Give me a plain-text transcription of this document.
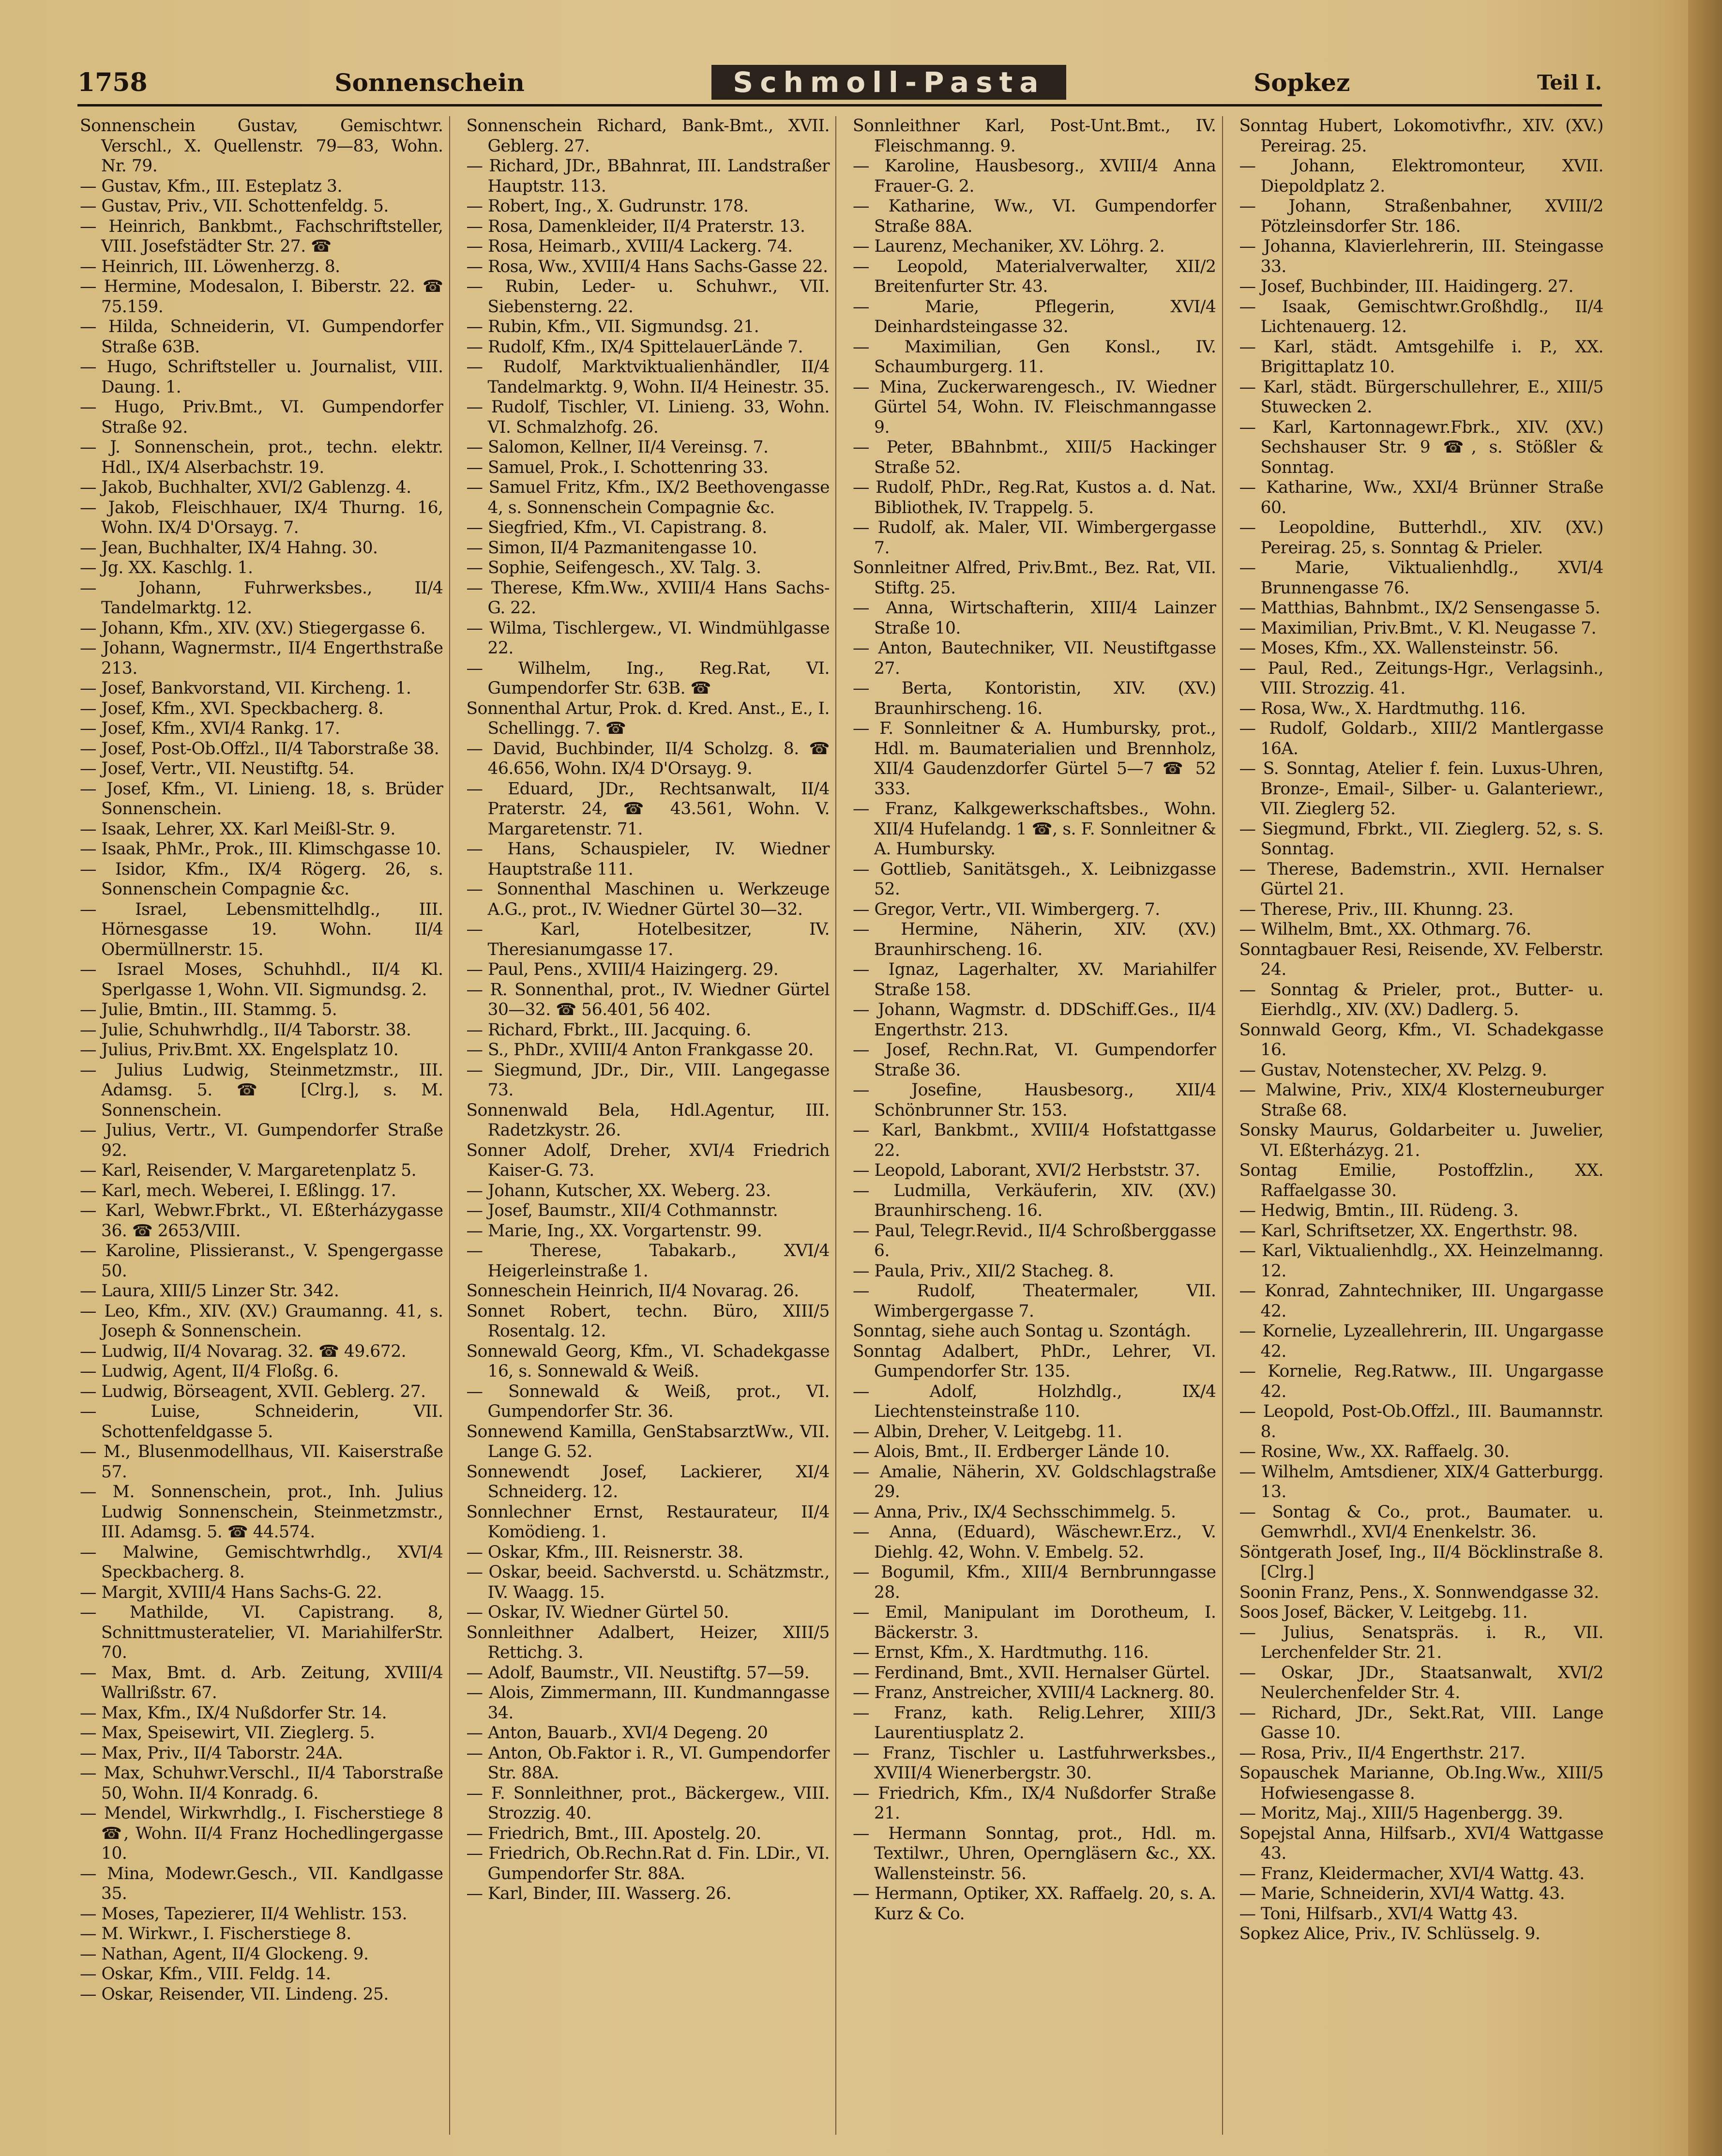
1758	Sonnenschein	Schmoll-Pasta	Sopkez	Teil I.

Sonnenschein Gustav, Gemischtwr. Verschl., X. Quellenstr. 79—83, Wohn. Nr. 79.

— Gustav, Kfm., III. Esteplatz 3.

— Gustav, Priv., VII. Schottenfeldg. 5.

— Heinrich, Bankbmt., Fachschriftsteller, VIII. Josefstädter Str. 27. ☎

— Heinrich, III. Löwenherzg. 8.

— Hermine, Modesalon, I. Biberstr. 22. ☎ 75.159.

— Hilda, Schneiderin, VI. Gumpendorfer Straße 63B.

— Hugo, Schriftsteller u. Journalist, VIII. Daung. 1.

— Hugo, Priv.Bmt., VI. Gumpendorfer Straße 92.

— J. Sonnenschein, prot., techn. elektr. Hdl., IX/4 Alserbachstr. 19.

— Jakob, Buchhalter, XVI/2 Gablenzg. 4.

— Jakob, Fleischhauer, IX/4 Thurng. 16, Wohn. IX/4 D'Orsayg. 7.

— Jean, Buchhalter, IX/4 Hahng. 30.

— Jg. XX. Kaschlg. 1.

— Johann, Fuhrwerksbes., II/4 Tandelmarktg. 12.

— Johann, Kfm., XIV. (XV.) Stiegergasse 6.

— Johann, Wagnermstr., II/4 Engerthstraße 213.

— Josef, Bankvorstand, VII. Kircheng. 1.

— Josef, Kfm., XVI. Speckbacherg. 8.

— Josef, Kfm., XVI/4 Rankg. 17.

— Josef, Post-Ob.Offzl., II/4 Taborstraße 38.

— Josef, Vertr., VII. Neustiftg. 54.

— Josef, Kfm., VI. Linieng. 18, s. Brüder Sonnenschein.

— Isaak, Lehrer, XX. Karl Meißl-Str. 9.

— Isaak, PhMr., Prok., III. Klimschgasse 10.

— Isidor, Kfm., IX/4 Rögerg. 26, s. Sonnenschein Compagnie &c.

— Israel, Lebensmittelhdlg., III. Hörnesgasse 19. Wohn. II/4 Obermüllnerstr. 15.

— Israel Moses, Schuhhdl., II/4 Kl. Sperlgasse 1, Wohn. VII. Sigmundsg. 2.

— Julie, Bmtin., III. Stammg. 5.

— Julie, Schuhwrhdlg., II/4 Taborstr. 38.

— Julius, Priv.Bmt. XX. Engelsplatz 10.

— Julius Ludwig, Steinmetzmstr., III. Adamsg. 5. ☎ [Clrg.], s. M. Sonnenschein.

— Julius, Vertr., VI. Gumpendorfer Straße 92.

— Karl, Reisender, V. Margaretenplatz 5.

— Karl, mech. Weberei, I. Eßlingg. 17.

— Karl, Webwr.Fbrkt., VI. Eßterházygasse 36. ☎ 2653/VIII.

— Karoline, Plissieranst., V. Spengergasse 50.

— Laura, XIII/5 Linzer Str. 342.

— Leo, Kfm., XIV. (XV.) Graumanng. 41, s. Joseph & Sonnenschein.

— Ludwig, II/4 Novarag. 32. ☎ 49.672.

— Ludwig, Agent, II/4 Floßg. 6.

— Ludwig, Börseagent, XVII. Geblerg. 27.

— Luise, Schneiderin, VII. Schottenfeldgasse 5.

— M., Blusenmodellhaus, VII. Kaiserstraße 57.

— M. Sonnenschein, prot., Inh. Julius Ludwig Sonnenschein, Steinmetzmstr., III. Adamsg. 5. ☎ 44.574.

— Malwine, Gemischtwrhdlg., XVI/4 Speckbacherg. 8.

— Margit, XVIII/4 Hans Sachs-G. 22.

— Mathilde, VI. Capistrang. 8, Schnittmusteratelier, VI. MariahilferStr. 70.

— Max, Bmt. d. Arb. Zeitung, XVIII/4 Wallrißstr. 67.

— Max, Kfm., IX/4 Nußdorfer Str. 14.

— Max, Speisewirt, VII. Zieglerg. 5.

— Max, Priv., II/4 Taborstr. 24A.

— Max, Schuhwr.Verschl., II/4 Taborstraße 50, Wohn. II/4 Konradg. 6.

— Mendel, Wirkwrhdlg., I. Fischerstiege 8 ☎, Wohn. II/4 Franz Hochedlingergasse 10.

— Mina, Modewr.Gesch., VII. Kandlgasse 35.

— Moses, Tapezierer, II/4 Wehlistr. 153.

— M. Wirkwr., I. Fischerstiege 8.

— Nathan, Agent, II/4 Glockeng. 9.

— Oskar, Kfm., VIII. Feldg. 14.

— Oskar, Reisender, VII. Lindeng. 25.

Sonnenschein Richard, Bank-Bmt., XVII. Geblerg. 27.

— Richard, JDr., BBahnrat, III. Landstraßer Hauptstr. 113.

— Robert, Ing., X. Gudrunstr. 178.

— Rosa, Damenkleider, II/4 Praterstr. 13.

— Rosa, Heimarb., XVIII/4 Lackerg. 74.

— Rosa, Ww., XVIII/4 Hans Sachs-Gasse 22.

— Rubin, Leder- u. Schuhwr., VII. Siebensterng. 22.

— Rubin, Kfm., VII. Sigmundsg. 21.

— Rudolf, Kfm., IX/4 SpittelauerLände 7.

— Rudolf, Marktviktualienhändler, II/4 Tandelmarktg. 9, Wohn. II/4 Heinestr. 35.

— Rudolf, Tischler, VI. Linieng. 33, Wohn. VI. Schmalzhofg. 26.

— Salomon, Kellner, II/4 Vereinsg. 7.

— Samuel, Prok., I. Schottenring 33.

— Samuel Fritz, Kfm., IX/2 Beethovengasse 4, s. Sonnenschein Compagnie &c.

— Siegfried, Kfm., VI. Capistrang. 8.

— Simon, II/4 Pazmanitengasse 10.

— Sophie, Seifengesch., XV. Talg. 3.

— Therese, Kfm.Ww., XVIII/4 Hans Sachs-G. 22.

— Wilma, Tischlergew., VI. Windmühlgasse 22.

— Wilhelm, Ing., Reg.Rat, VI. Gumpendorfer Str. 63B. ☎

Sonnenthal Artur, Prok. d. Kred. Anst., E., I. Schellingg. 7. ☎

— David, Buchbinder, II/4 Scholzg. 8. ☎ 46.656, Wohn. IX/4 D'Orsayg. 9.

— Eduard, JDr., Rechtsanwalt, II/4 Praterstr. 24, ☎ 43.561, Wohn. V. Margaretenstr. 71.

— Hans, Schauspieler, IV. Wiedner Hauptstraße 111.

— Sonnenthal Maschinen u. Werkzeuge A.G., prot., IV. Wiedner Gürtel 30—32.

— Karl, Hotelbesitzer, IV. Theresianumgasse 17.

— Paul, Pens., XVIII/4 Haizingerg. 29.

— R. Sonnenthal, prot., IV. Wiedner Gürtel 30—32. ☎ 56.401, 56 402.

— Richard, Fbrkt., III. Jacquing. 6.

— S., PhDr., XVIII/4 Anton Frankgasse 20.

— Siegmund, JDr., Dir., VIII. Langegasse 73.

Sonnenwald Bela, Hdl.Agentur, III. Radetzkystr. 26.

Sonner Adolf, Dreher, XVI/4 Friedrich Kaiser-G. 73.

— Johann, Kutscher, XX. Weberg. 23.

— Josef, Baumstr., XII/4 Cothmannstr.

— Marie, Ing., XX. Vorgartenstr. 99.

— Therese, Tabakarb., XVI/4 Heigerleinstraße 1.

Sonneschein Heinrich, II/4 Novarag. 26.

Sonnet Robert, techn. Büro, XIII/5 Rosentalg. 12.

Sonnewald Georg, Kfm., VI. Schadekgasse 16, s. Sonnewald & Weiß.

— Sonnewald & Weiß, prot., VI. Gumpendorfer Str. 36.

Sonnewend Kamilla, GenStabsarztWw., VII. Lange G. 52.

Sonnewendt Josef, Lackierer, XI/4 Schneiderg. 12.

Sonnlechner Ernst, Restaurateur, II/4 Komödieng. 1.

— Oskar, Kfm., III. Reisnerstr. 38.

— Oskar, beeid. Sachverstd. u. Schätzmstr., IV. Waagg. 15.

— Oskar, IV. Wiedner Gürtel 50.

Sonnleithner Adalbert, Heizer, XIII/5 Rettichg. 3.

— Adolf, Baumstr., VII. Neustiftg. 57—59.

— Alois, Zimmermann, III. Kundmanngasse 34.

— Anton, Bauarb., XVI/4 Degeng. 20

— Anton, Ob.Faktor i. R., VI. Gumpendorfer Str. 88A.

— F. Sonnleithner, prot., Bäckergew., VIII. Strozzig. 40.

— Friedrich, Bmt., III. Apostelg. 20.

— Friedrich, Ob.Rechn.Rat d. Fin. LDir., VI. Gumpendorfer Str. 88A.

— Karl, Binder, III. Wasserg. 26.

Sonnleithner Karl, Post-Unt.Bmt., IV. Fleischmanng. 9.

— Karoline, Hausbesorg., XVIII/4 Anna Frauer-G. 2.

— Katharine, Ww., VI. Gumpendorfer Straße 88A.

— Laurenz, Mechaniker, XV. Löhrg. 2.

— Leopold, Materialverwalter, XII/2 Breitenfurter Str. 43.

— Marie, Pflegerin, XVI/4 Deinhardsteingasse 32.

— Maximilian, Gen Konsl., IV. Schaumburgerg. 11.

— Mina, Zuckerwarengesch., IV. Wiedner Gürtel 54, Wohn. IV. Fleischmanngasse 9.

— Peter, BBahnbmt., XIII/5 Hackinger Straße 52.

— Rudolf, PhDr., Reg.Rat, Kustos a. d. Nat. Bibliothek, IV. Trappelg. 5.

— Rudolf, ak. Maler, VII. Wimbergergasse 7.

Sonnleitner Alfred, Priv.Bmt., Bez. Rat, VII. Stiftg. 25.

— Anna, Wirtschafterin, XIII/4 Lainzer Straße 10.

— Anton, Bautechniker, VII. Neustiftgasse 27.

— Berta, Kontoristin, XIV. (XV.) Braunhirscheng. 16.

— F. Sonnleitner & A. Humbursky, prot., Hdl. m. Baumaterialien und Brennholz, XII/4 Gaudenzdorfer Gürtel 5—7 ☎ 52 333.

— Franz, Kalkgewerkschaftsbes., Wohn. XII/4 Hufelandg. 1 ☎, s. F. Sonnleitner & A. Humbursky.

— Gottlieb, Sanitätsgeh., X. Leibnizgasse 52.

— Gregor, Vertr., VII. Wimbergerg. 7.

— Hermine, Näherin, XIV. (XV.) Braunhirscheng. 16.

— Ignaz, Lagerhalter, XV. Mariahilfer Straße 158.

— Johann, Wagmstr. d. DDSchiff.Ges., II/4 Engerthstr. 213.

— Josef, Rechn.Rat, VI. Gumpendorfer Straße 36.

— Josefine, Hausbesorg., XII/4 Schönbrunner Str. 153.

— Karl, Bankbmt., XVIII/4 Hofstattgasse 22.

— Leopold, Laborant, XVI/2 Herbststr. 37.

— Ludmilla, Verkäuferin, XIV. (XV.) Braunhirscheng. 16.

— Paul, Telegr.Revid., II/4 Schroßberggasse 6.

— Paula, Priv., XII/2 Stacheg. 8.

— Rudolf, Theatermaler, VII. Wimbergergasse 7.

Sonntag, siehe auch Sontag u. Szontágh.

Sonntag Adalbert, PhDr., Lehrer, VI. Gumpendorfer Str. 135.

— Adolf, Holzhdlg., IX/4 Liechtensteinstraße 110.

— Albin, Dreher, V. Leitgebg. 11.

— Alois, Bmt., II. Erdberger Lände 10.

— Amalie, Näherin, XV. Goldschlagstraße 29.

— Anna, Priv., IX/4 Sechsschimmelg. 5.

— Anna, (Eduard), Wäschewr.Erz., V. Diehlg. 42, Wohn. V. Embelg. 52.

— Bogumil, Kfm., XIII/4 Bernbrunngasse 28.

— Emil, Manipulant im Dorotheum, I. Bäckerstr. 3.

— Ernst, Kfm., X. Hardtmuthg. 116.

— Ferdinand, Bmt., XVII. Hernalser Gürtel.

— Franz, Anstreicher, XVIII/4 Lacknerg. 80.

— Franz, kath. Relig.Lehrer, XIII/3 Laurentiusplatz 2.

— Franz, Tischler u. Lastfuhrwerksbes., XVIII/4 Wienerbergstr. 30.

— Friedrich, Kfm., IX/4 Nußdorfer Straße 21.

— Hermann Sonntag, prot., Hdl. m. Textilwr., Uhren, Operngläsern &c., XX. Wallensteinstr. 56.

— Hermann, Optiker, XX. Raffaelg. 20, s. A. Kurz & Co.

Sonntag Hubert, Lokomotivfhr., XIV. (XV.) Pereirag. 25.

— Johann, Elektromonteur, XVII. Diepoldplatz 2.

— Johann, Straßenbahner, XVIII/2 Pötzleinsdorfer Str. 186.

— Johanna, Klavierlehrerin, III. Steingasse 33.

— Josef, Buchbinder, III. Haidingerg. 27.

— Isaak, Gemischtwr.Großhdlg., II/4 Lichtenauerg. 12.

— Karl, städt. Amtsgehilfe i. P., XX. Brigittaplatz 10.

— Karl, städt. Bürgerschullehrer, E., XIII/5 Stuwecken 2.

— Karl, Kartonnagewr.Fbrk., XIV. (XV.) Sechshauser Str. 9 ☎, s. Stößler & Sonntag.

— Katharine, Ww., XXI/4 Brünner Straße 60.

— Leopoldine, Butterhdl., XIV. (XV.) Pereirag. 25, s. Sonntag & Prieler.

— Marie, Viktualienhdlg., XVI/4 Brunnengasse 76.

— Matthias, Bahnbmt., IX/2 Sensengasse 5.

— Maximilian, Priv.Bmt., V. Kl. Neugasse 7.

— Moses, Kfm., XX. Wallensteinstr. 56.

— Paul, Red., Zeitungs-Hgr., Verlagsinh., VIII. Strozzig. 41.

— Rosa, Ww., X. Hardtmuthg. 116.

— Rudolf, Goldarb., XIII/2 Mantlergasse 16A.

— S. Sonntag, Atelier f. fein. Luxus-Uhren, Bronze-, Email-, Silber- u. Galanteriewr., VII. Zieglerg 52.

— Siegmund, Fbrkt., VII. Zieglerg. 52, s. S. Sonntag.

— Therese, Bademstrin., XVII. Hernalser Gürtel 21.

— Therese, Priv., III. Khunng. 23.

— Wilhelm, Bmt., XX. Othmarg. 76.

Sonntagbauer Resi, Reisende, XV. Felberstr. 24.

— Sonntag & Prieler, prot., Butter- u. Eierhdlg., XIV. (XV.) Dadlerg. 5.

Sonnwald Georg, Kfm., VI. Schadekgasse 16.

— Gustav, Notenstecher, XV. Pelzg. 9.

— Malwine, Priv., XIX/4 Klosterneuburger Straße 68.

Sonsky Maurus, Goldarbeiter u. Juwelier, VI. Eßterházyg. 21.

Sontag Emilie, Postoffzlin., XX. Raffaelgasse 30.

— Hedwig, Bmtin., III. Rüdeng. 3.

— Karl, Schriftsetzer, XX. Engerthstr. 98.

— Karl, Viktualienhdlg., XX. Heinzelmanng. 12.

— Konrad, Zahntechniker, III. Ungargasse 42.

— Kornelie, Lyzeallehrerin, III. Ungargasse 42.

— Kornelie, Reg.Ratww., III. Ungargasse 42.

— Leopold, Post-Ob.Offzl., III. Baumannstr. 8.

— Rosine, Ww., XX. Raffaelg. 30.

— Wilhelm, Amtsdiener, XIX/4 Gatterburgg. 13.

— Sontag & Co., prot., Baumater. u. Gemwrhdl., XVI/4 Enenkelstr. 36.

Söntgerath Josef, Ing., II/4 Böcklinstraße 8. [Clrg.]

Soonin Franz, Pens., X. Sonnwendgasse 32.

Soos Josef, Bäcker, V. Leitgebg. 11.

— Julius, Senatspräs. i. R., VII. Lerchenfelder Str. 21.

— Oskar, JDr., Staatsanwalt, XVI/2 Neulerchenfelder Str. 4.

— Richard, JDr., Sekt.Rat, VIII. Lange Gasse 10.

— Rosa, Priv., II/4 Engerthstr. 217.

Sopauschek Marianne, Ob.Ing.Ww., XIII/5 Hofwiesengasse 8.

— Moritz, Maj., XIII/5 Hagenbergg. 39.

Sopejstal Anna, Hilfsarb., XVI/4 Wattgasse 43.

— Franz, Kleidermacher, XVI/4 Wattg. 43.

— Marie, Schneiderin, XVI/4 Wattg. 43.

— Toni, Hilfsarb., XVI/4 Wattg 43.

Sopkez Alice, Priv., IV. Schlüsselg. 9.
